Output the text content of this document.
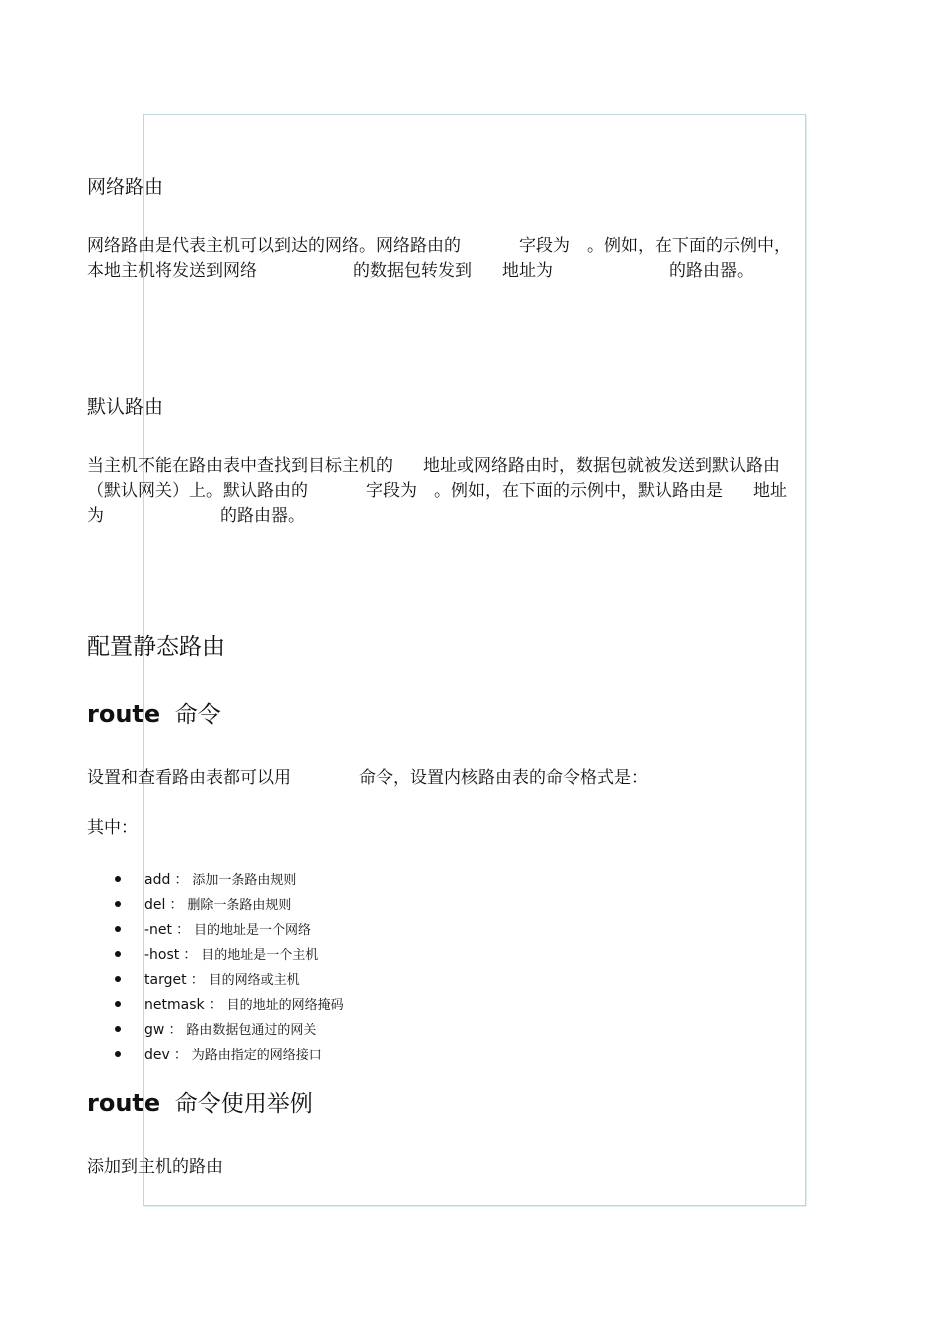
网络路由
网络路由是代表主机可以到达的网络。网络路由的	字段为 。例如，在下面的示例中，
本地主机将发送到网络	的数据包转发到 地址为	的路由器。
默认路由
当主机不能在路由表中查找到目标主机的 地址或网络路由时，数据包就被发送到默认路由
（默认网关）上。默认路由的	字段为 。例如，在下面的示例中，默认路由是 地址
为	的路由器。
配置静态路由
route 命令
设置和查看路由表都可以用	命令，设置内核路由表的命令格式是：
其中：
add ： 添加一条路由规则
del ： 删除一条路由规则
-net ： 目的地址是一个网络
-host ： 目的地址是一个主机
target ： 目的网络或主机
netmask ： 目的地址的网络掩码
gw ： 路由数据包通过的网关
dev ： 为路由指定的网络接口
route 命令使用举例
添加到主机的路由
